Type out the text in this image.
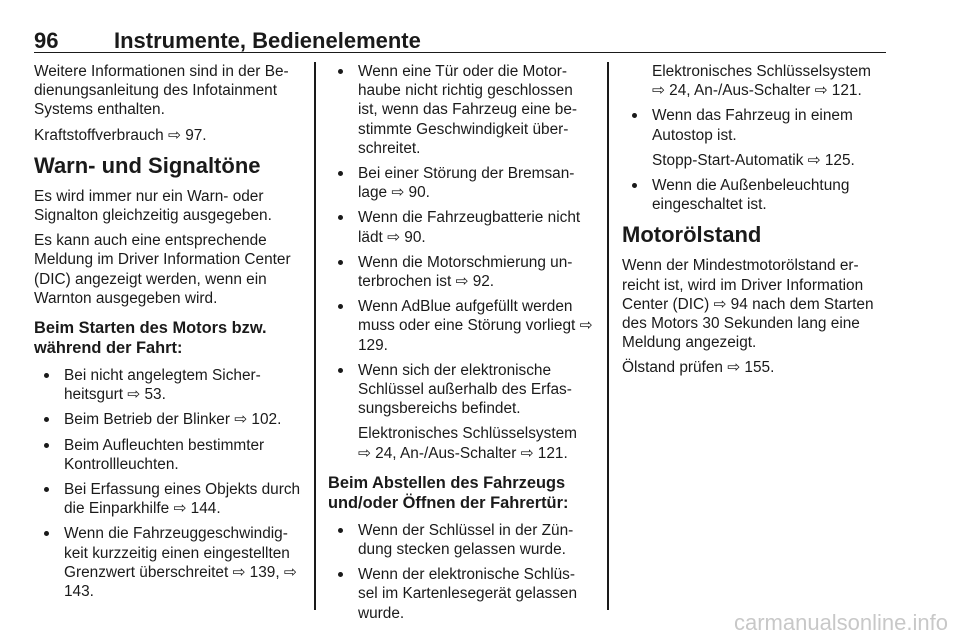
96	Instrumente, Bedienelemente

Weitere Informationen sind in der Be-dienungsanleitung des Infotainment Systems enthalten.

Kraftstoffverbrauch ⇨ 97.

Warn- und Signaltöne

Es wird immer nur ein Warn- oder Signalton gleichzeitig ausgegeben.

Es kann auch eine entsprechende Meldung im Driver Information Center (DIC) angezeigt werden, wenn ein Warnton ausgegeben wird.

Beim Starten des Motors bzw. während der Fahrt:
Bei nicht angelegtem Sicher-heitsgurt ⇨ 53.
Beim Betrieb der Blinker ⇨ 102.
Beim Aufleuchten bestimmter Kontrollleuchten.
Bei Erfassung eines Objekts durch die Einparkhilfe ⇨ 144.
Wenn die Fahrzeuggeschwindig-keit kurzzeitig einen eingestellten Grenzwert überschreitet ⇨ 139, ⇨ 143.
Wenn eine Tür oder die Motor-haube nicht richtig geschlossen ist, wenn das Fahrzeug eine be-stimmte Geschwindigkeit über-schreitet.
Bei einer Störung der Bremsan-lage ⇨ 90.
Wenn die Fahrzeugbatterie nicht lädt ⇨ 90.
Wenn die Motorschmierung un-terbrochen ist ⇨ 92.
Wenn AdBlue aufgefüllt werden muss oder eine Störung vorliegt ⇨ 129.
Wenn sich der elektronische Schlüssel außerhalb des Erfas-sungsbereichs befindet.
Elektronisches Schlüsselsystem ⇨ 24, An-/Aus-Schalter ⇨ 121.
Beim Abstellen des Fahrzeugs und/oder Öffnen der Fahrertür:
Wenn der Schlüssel in der Zün-dung stecken gelassen wurde.
Wenn der elektronische Schlüs-sel im Kartenlesegerät gelassen wurde.

Elektronisches Schlüsselsystem ⇨ 24, An-/Aus-Schalter ⇨ 121.

Wenn das Fahrzeug in einem Autostop ist.
Stopp-Start-Automatik ⇨ 125.
Wenn die Außenbeleuchtung eingeschaltet ist.
Motorölstand

Wenn der Mindestmotorölstand er-reicht ist, wird im Driver Information Center (DIC) ⇨ 94 nach dem Starten des Motors 30 Sekunden lang eine Meldung angezeigt.

Ölstand prüfen ⇨ 155.

carmanualsonline.info
